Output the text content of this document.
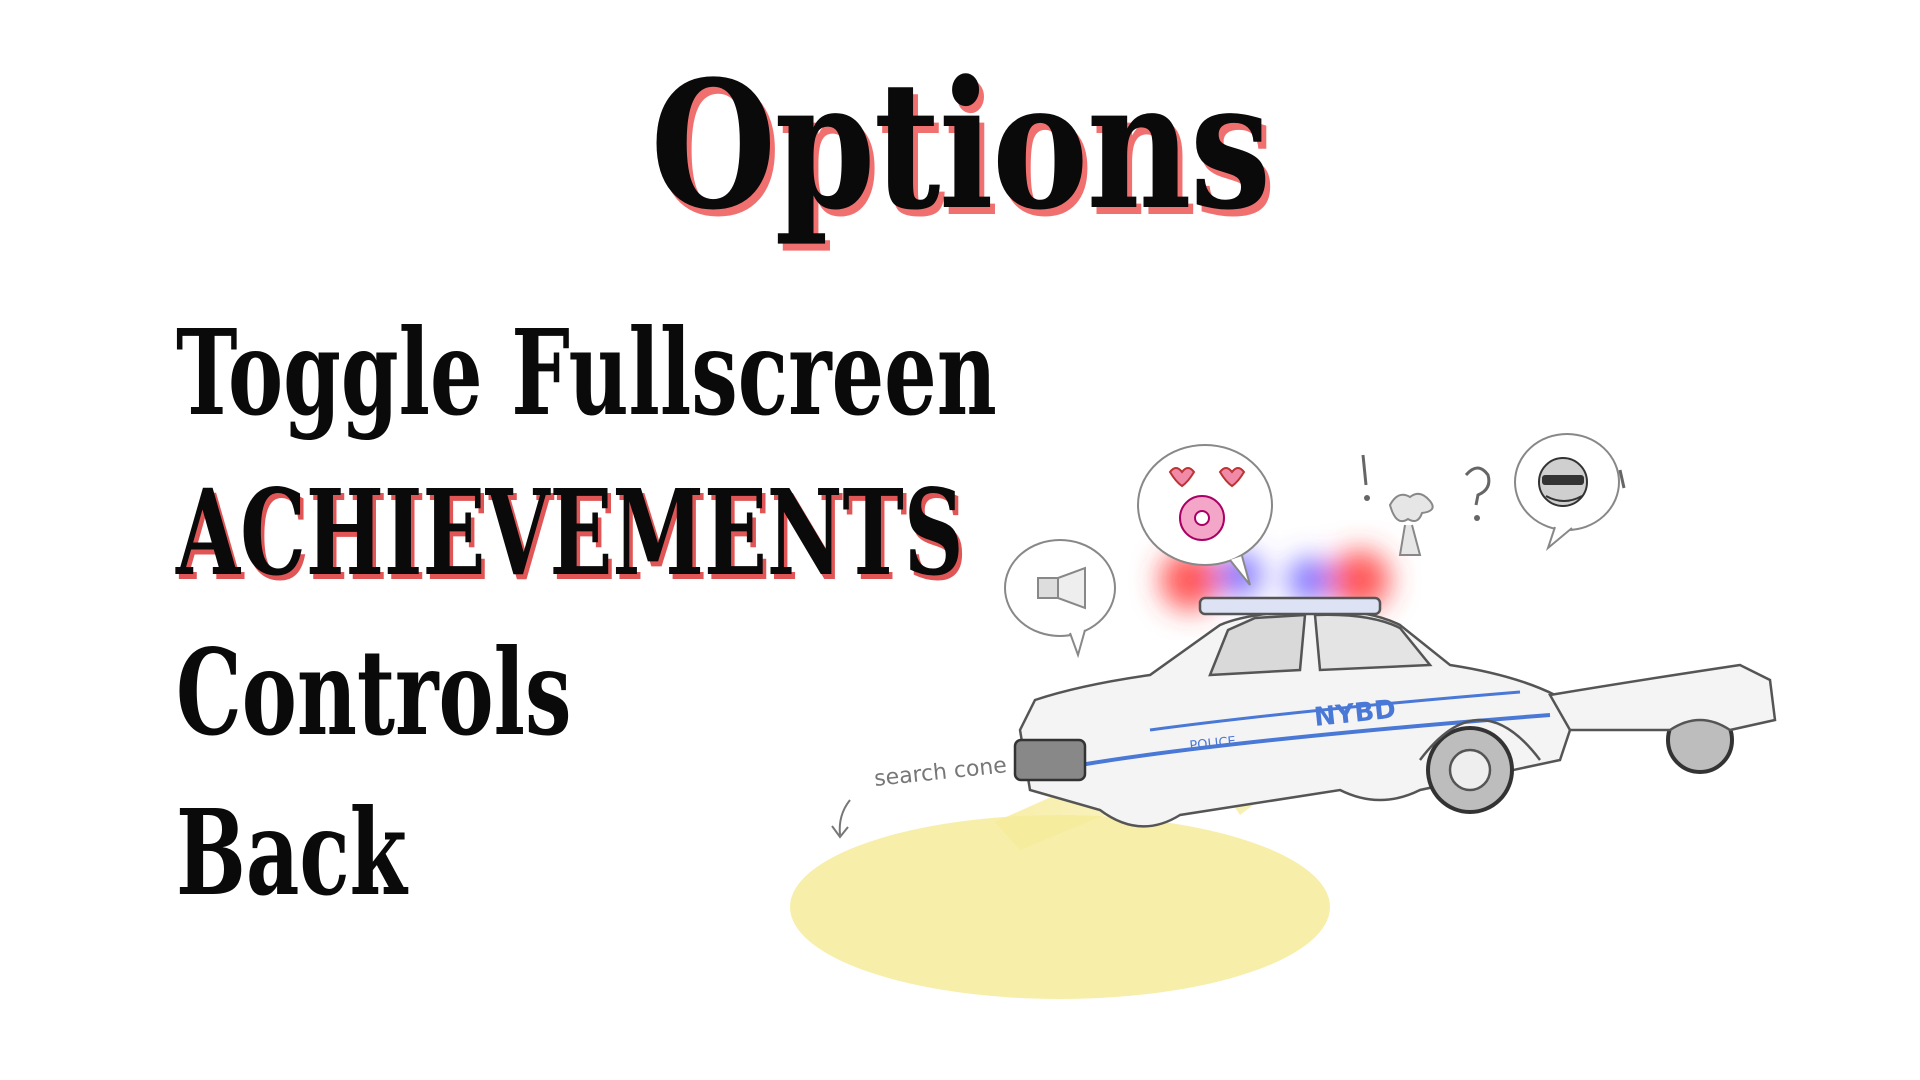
Options
Toggle Fullscreen
ACHIEVEMENTS
Controls
Back
search cone
NYBD
POLICE
